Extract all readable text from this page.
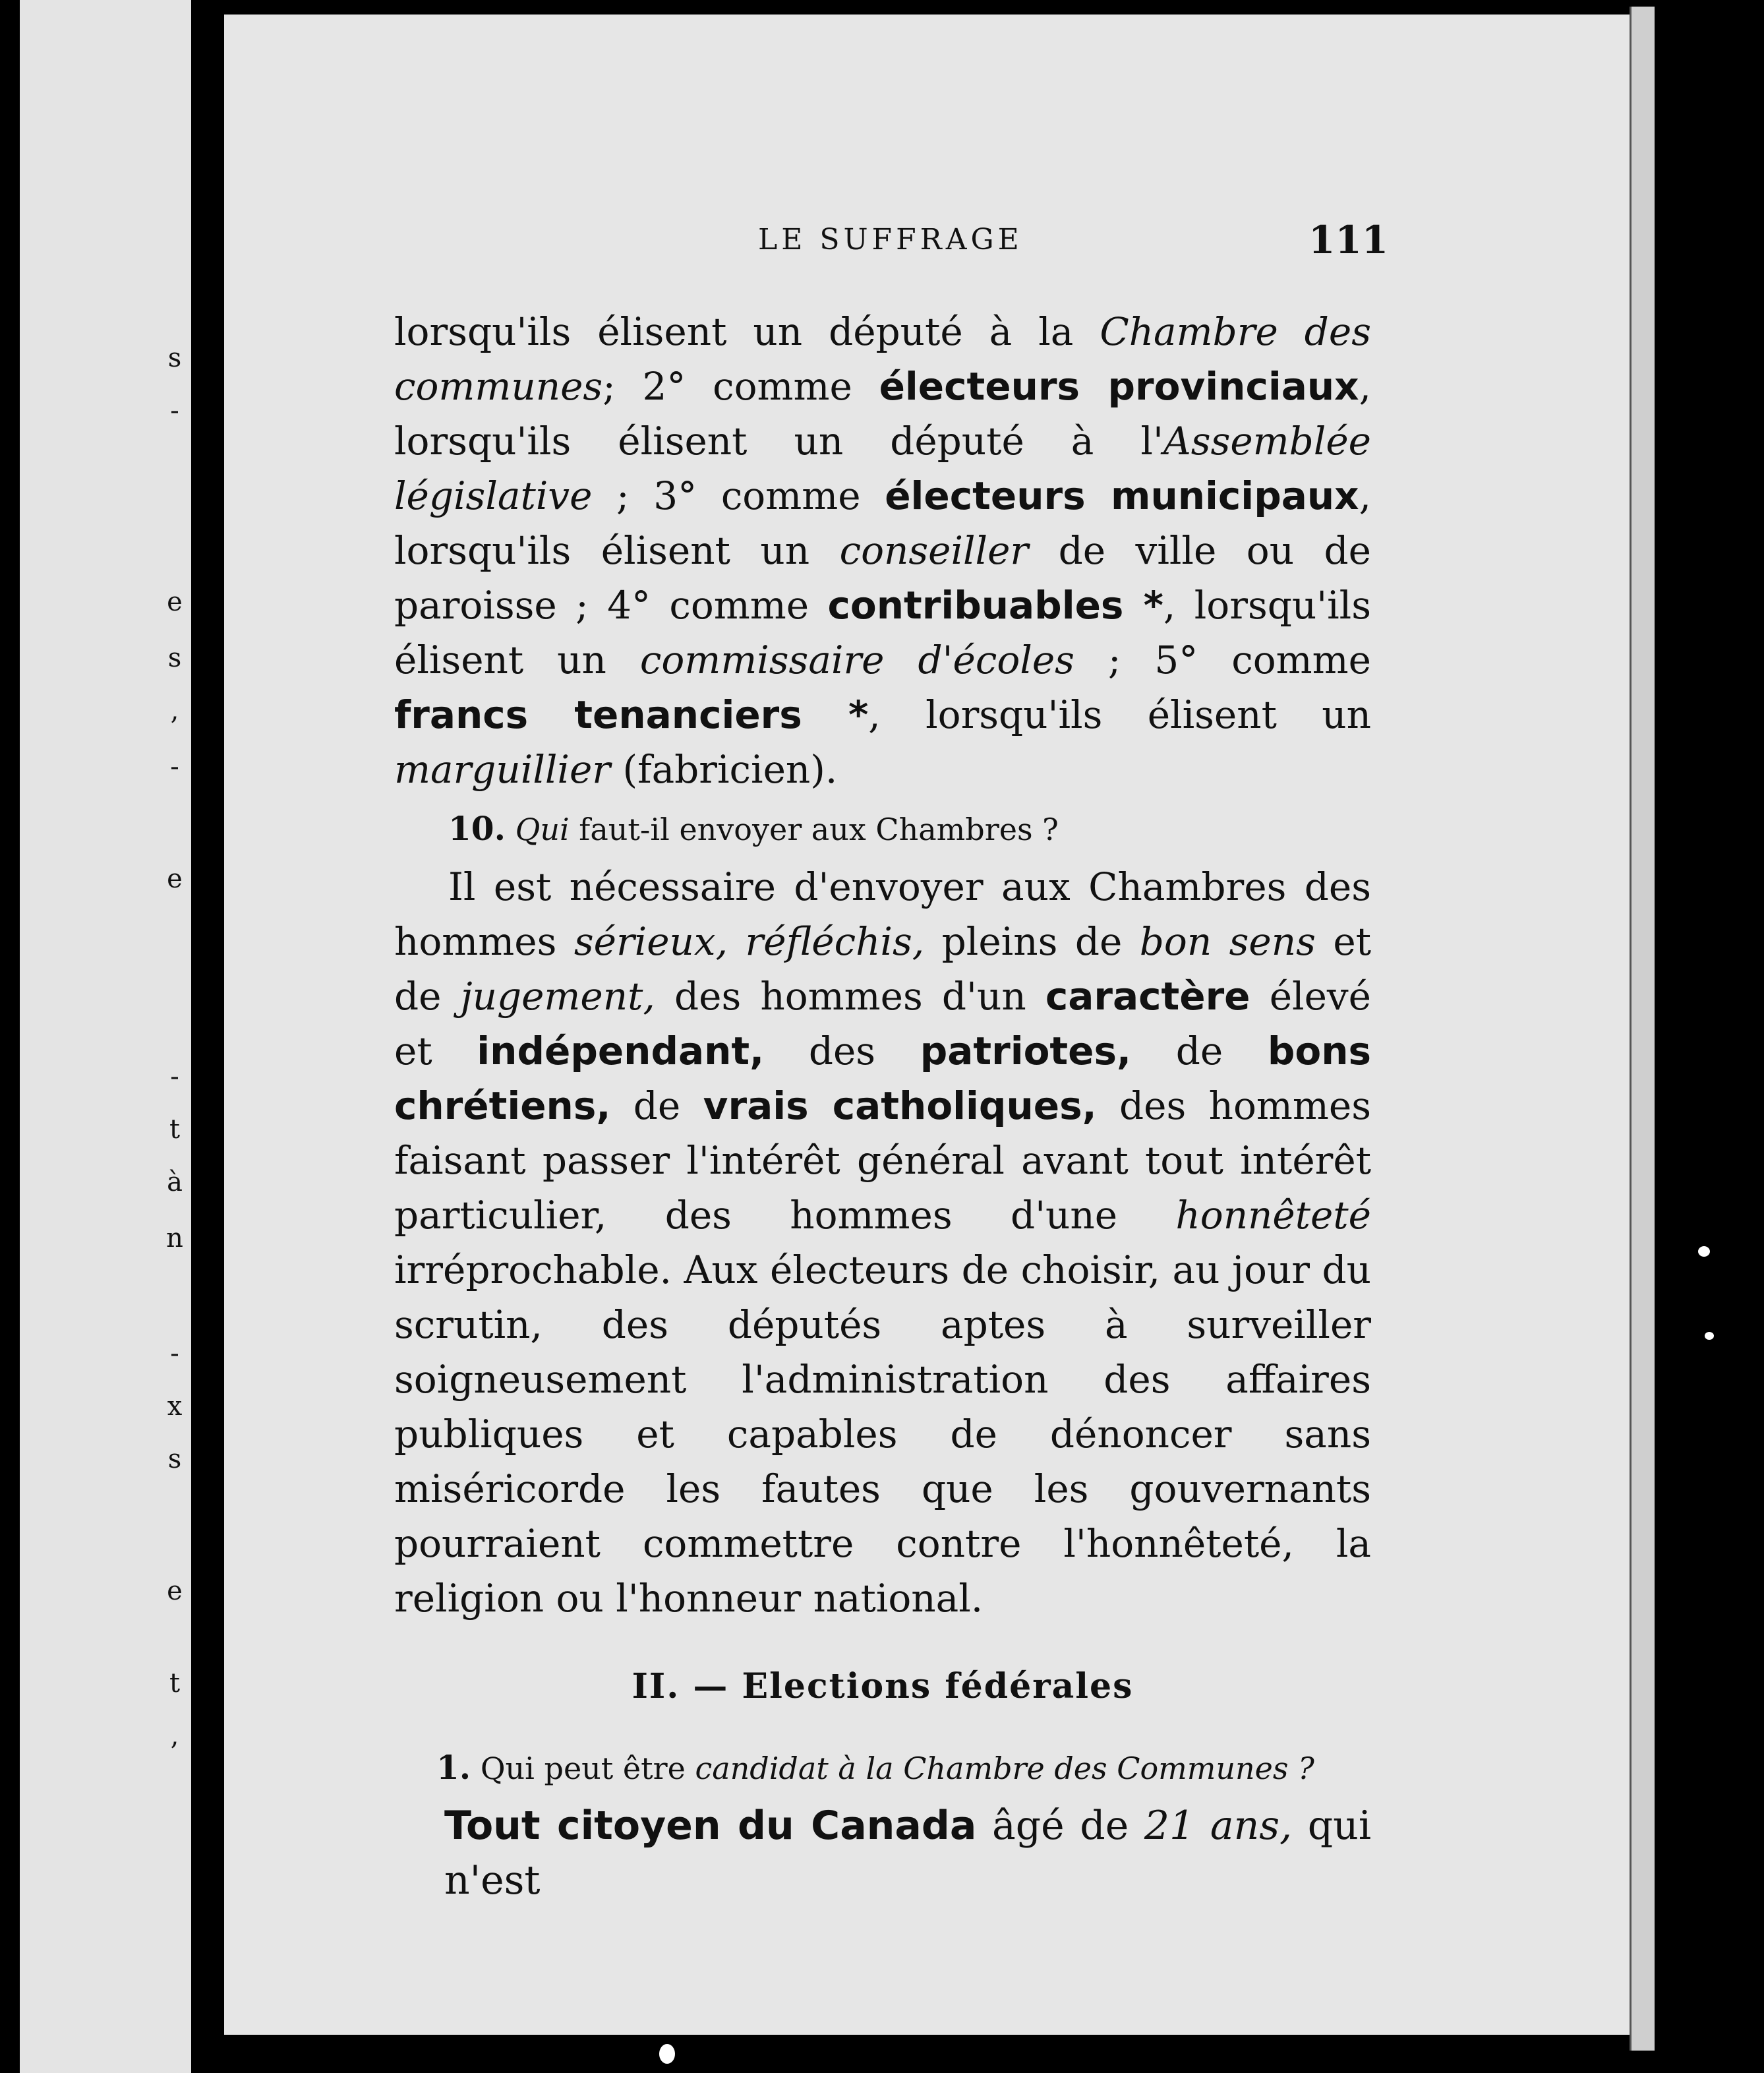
s
-
e
s
,
-
e
-
t
à
n
-
x
s
e
t
,
LE SUFFRAGE	111

lorsqu'ils élisent un député à la Chambre des communes; 2° comme électeurs provinciaux, lorsqu'ils élisent un député à l'Assemblée législative ; 3° comme électeurs municipaux, lorsqu'ils élisent un conseiller de ville ou de paroisse ; 4° comme contribuables *, lorsqu'ils élisent un commissaire d'écoles ; 5° comme francs tenanciers *, lorsqu'ils élisent un marguillier (fabricien).

10. Qui faut-il envoyer aux Chambres ?

Il est nécessaire d'envoyer aux Chambres des hommes sérieux, réfléchis, pleins de bon sens et de jugement, des hommes d'un caractère élevé et indépendant, des patriotes, de bons chrétiens, de vrais catholiques, des hommes faisant passer l'intérêt général avant tout intérêt particulier, des hommes d'une honnêteté irréprochable. Aux électeurs de choisir, au jour du scrutin, des députés aptes à surveiller soigneusement l'administration des affaires publiques et capables de dénoncer sans miséricorde les fautes que les gouvernants pourraient commettre contre l'honnêteté, la religion ou l'honneur national.

II. — Elections fédérales

1. Qui peut être candidat à la Chambre des Communes ?

Tout citoyen du Canada âgé de 21 ans, qui n'est
